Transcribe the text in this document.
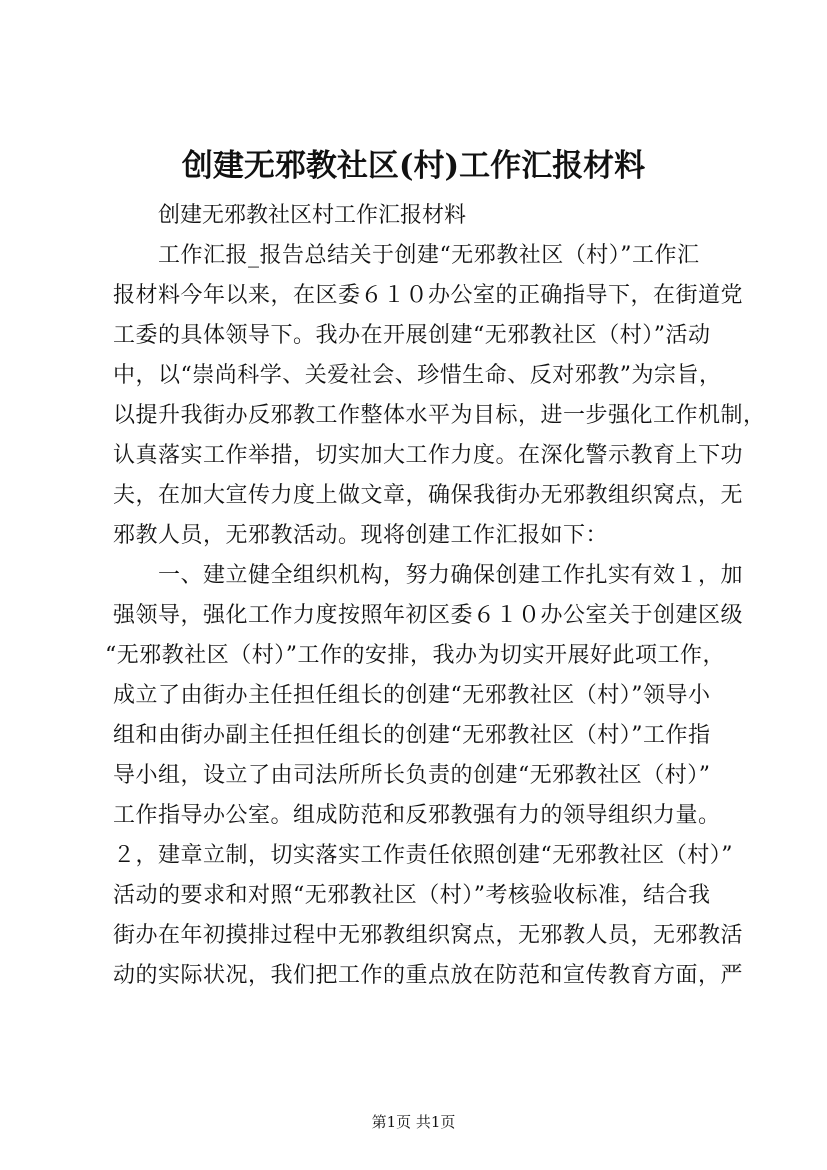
创建无邪教社区(村)工作汇报材料
创建无邪教社区村工作汇报材料
工作汇报_报告总结关于创建“无邪教社区（村）”工作汇
报材料今年以来，在区委６１０办公室的正确指导下，在街道党
工委的具体领导下。我办在开展创建“无邪教社区（村）”活动
中，以“崇尚科学、关爱社会、珍惜生命、反对邪教”为宗旨，
以提升我街办反邪教工作整体水平为目标，进一步强化工作机制，
认真落实工作举措，切实加大工作力度。在深化警示教育上下功
夫，在加大宣传力度上做文章，确保我街办无邪教组织窝点，无
邪教人员，无邪教活动。现将创建工作汇报如下：
一、建立健全组织机构，努力确保创建工作扎实有效１，加
强领导，强化工作力度按照年初区委６１０办公室关于创建区级
“无邪教社区（村）”工作的安排，我办为切实开展好此项工作，
成立了由街办主任担任组长的创建“无邪教社区（村）”领导小
组和由街办副主任担任组长的创建“无邪教社区（村）”工作指
导小组，设立了由司法所所长负责的创建“无邪教社区（村）”
工作指导办公室。组成防范和反邪教强有力的领导组织力量。
２，建章立制，切实落实工作责任依照创建“无邪教社区（村）”
活动的要求和对照“无邪教社区（村）”考核验收标准，结合我
街办在年初摸排过程中无邪教组织窝点，无邪教人员，无邪教活
动的实际状况，我们把工作的重点放在防范和宣传教育方面，严
第1页 共1页
